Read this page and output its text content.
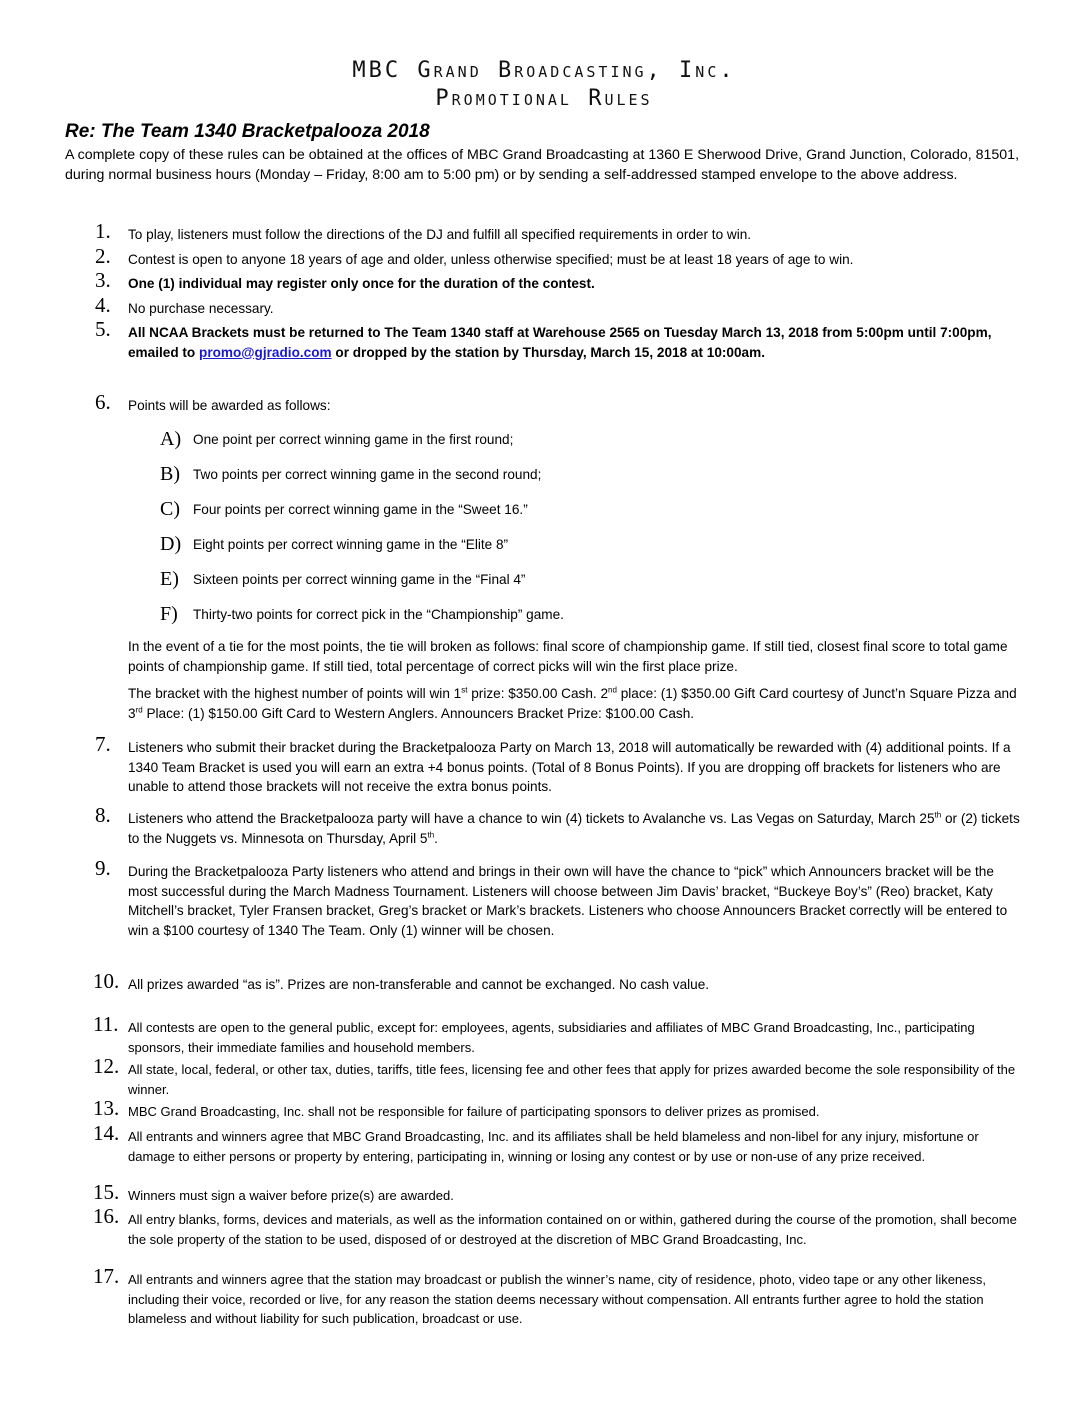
MBC Grand Broadcasting, Inc.
Promotional Rules
Re: The Team 1340 Bracketpalooza 2018
A complete copy of these rules can be obtained at the offices of MBC Grand Broadcasting at 1360 E Sherwood Drive, Grand Junction, Colorado, 81501, during normal business hours (Monday – Friday, 8:00 am to 5:00 pm) or by sending a self-addressed stamped envelope to the above address.
1. To play, listeners must follow the directions of the DJ and fulfill all specified requirements in order to win.
2. Contest is open to anyone 18 years of age and older, unless otherwise specified; must be at least 18 years of age to win.
3. One (1) individual may register only once for the duration of the contest.
4. No purchase necessary.
5. All NCAA Brackets must be returned to The Team 1340 staff at Warehouse 2565 on Tuesday March 13, 2018 from 5:00pm until 7:00pm, emailed to promo@gjradio.com or dropped by the station by Thursday, March 15, 2018 at 10:00am.
6. Points will be awarded as follows:
A) One point per correct winning game in the first round;
B) Two points per correct winning game in the second round;
C) Four points per correct winning game in the “Sweet 16.”
D) Eight points per correct winning game in the “Elite 8”
E) Sixteen points per correct winning game in the “Final 4”
F) Thirty-two points for correct pick in the “Championship” game.
In the event of a tie for the most points, the tie will broken as follows: final score of championship game. If still tied, closest final score to total game points of championship game. If still tied, total percentage of correct picks will win the first place prize.
The bracket with the highest number of points will win 1st prize: $350.00 Cash. 2nd place: (1) $350.00 Gift Card courtesy of Junct’n Square Pizza and 3rd Place: (1) $150.00 Gift Card to Western Anglers. Announcers Bracket Prize: $100.00 Cash.
7. Listeners who submit their bracket during the Bracketpalooza Party on March 13, 2018 will automatically be rewarded with (4) additional points. If a 1340 Team Bracket is used you will earn an extra +4 bonus points. (Total of 8 Bonus Points). If you are dropping off brackets for listeners who are unable to attend those brackets will not receive the extra bonus points.
8. Listeners who attend the Bracketpalooza party will have a chance to win (4) tickets to Avalanche vs. Las Vegas on Saturday, March 25th or (2) tickets to the Nuggets vs. Minnesota on Thursday, April 5th.
9. During the Bracketpalooza Party listeners who attend and brings in their own will have the chance to “pick” which Announcers bracket will be the most successful during the March Madness Tournament. Listeners will choose between Jim Davis’ bracket, “Buckeye Boy’s” (Reo) bracket, Katy Mitchell’s bracket, Tyler Fransen bracket, Greg’s bracket or Mark’s brackets. Listeners who choose Announcers Bracket correctly will be entered to win a $100 courtesy of 1340 The Team. Only (1) winner will be chosen.
10. All prizes awarded “as is”. Prizes are non-transferable and cannot be exchanged. No cash value.
11. All contests are open to the general public, except for: employees, agents, subsidiaries and affiliates of MBC Grand Broadcasting, Inc., participating sponsors, their immediate families and household members.
12. All state, local, federal, or other tax, duties, tariffs, title fees, licensing fee and other fees that apply for prizes awarded become the sole responsibility of the winner.
13. MBC Grand Broadcasting, Inc. shall not be responsible for failure of participating sponsors to deliver prizes as promised.
14. All entrants and winners agree that MBC Grand Broadcasting, Inc. and its affiliates shall be held blameless and non-libel for any injury, misfortune or damage to either persons or property by entering, participating in, winning or losing any contest or by use or non-use of any prize received.
15. Winners must sign a waiver before prize(s) are awarded.
16. All entry blanks, forms, devices and materials, as well as the information contained on or within, gathered during the course of the promotion, shall become the sole property of the station to be used, disposed of or destroyed at the discretion of MBC Grand Broadcasting, Inc.
17. All entrants and winners agree that the station may broadcast or publish the winner’s name, city of residence, photo, video tape or any other likeness, including their voice, recorded or live, for any reason the station deems necessary without compensation. All entrants further agree to hold the station blameless and without liability for such publication, broadcast or use.
